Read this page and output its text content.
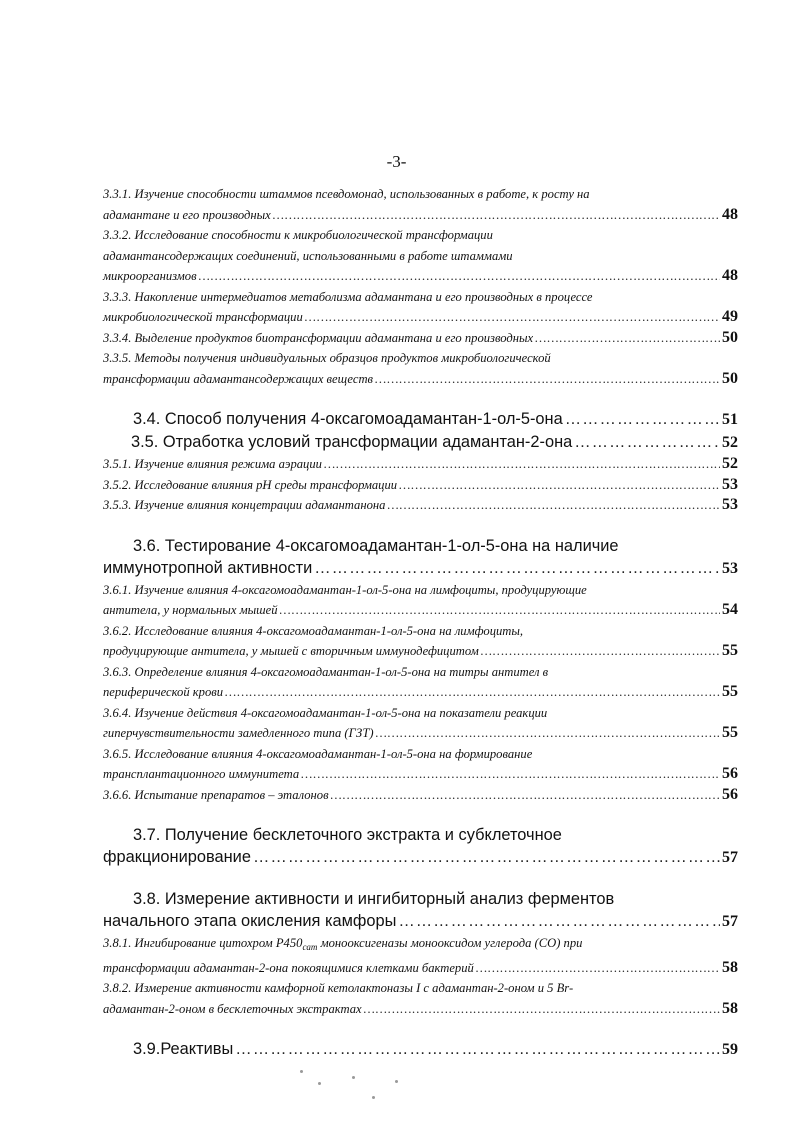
-3-
3.3.1. Изучение способности штаммов псевдомонад, использованных в работе, к росту на
адамантане и его производных ………………………………………………………………………………………………………………………………………………………………………………………………………………………………………………………………………………………………………	48
3.3.2. Исследование способности к микробиологической трансформации
адамантансодержащих соединений, использованными в работе штаммами
микроорганизмов ………………………………………………………………………………………………………………………………………………………………………………………………………………………………………………………………………………………………………	48
3.3.3. Накопление интермедиатов метаболизма адамантана и его производных в процессе
микробиологической трансформации ………………………………………………………………………………………………………………………………………………………………………………………………………………………………………………………………………………………………………	49
3.3.4. Выделение продуктов биотрансформации адамантана и его производных ………………………………………………………………………………………………………………………………………………………………………………………………………………………………………………………………………………………………………	50
3.3.5. Методы получения индивидуальных образцов продуктов микробиологической
трансформации адамантансодержащих веществ ………………………………………………………………………………………………………………………………………………………………………………………………………………………………………………………………………………………………………	50
3.4. Способ получения 4-оксагомоадамантан-1-ол-5-она ………………………………………………………………………………………………………………………………………………………………………………………………………………………………………………………………………………………………………	51
3.5. Отработка условий трансформации адамантан-2-она ………………………………………………………………………………………………………………………………………………………………………………………………………………………………………………………………………………………………………	52
3.5.1. Изучение влияния режима аэрации ………………………………………………………………………………………………………………………………………………………………………………………………………………………………………………………………………………………………………	52
3.5.2. Исследование влияния pH среды трансформации ………………………………………………………………………………………………………………………………………………………………………………………………………………………………………………………………………………………………………	53
3.5.3. Изучение влияния концетрации адамантанона ………………………………………………………………………………………………………………………………………………………………………………………………………………………………………………………………………………………………………	53
3.6. Тестирование 4-оксагомоадамантан-1-ол-5-она на наличие
иммунотропной активности ………………………………………………………………………………………………………………………………………………………………………………………………………………………………………………………………………………………………………	53
3.6.1. Изучение влияния 4-оксагомоадамантан-1-ол-5-она на лимфоциты, продуцирующие
антитела, у нормальных мышей ………………………………………………………………………………………………………………………………………………………………………………………………………………………………………………………………………………………………………	54
3.6.2. Исследование влияния 4-оксагомоадамантан-1-ол-5-она на лимфоциты,
продуцирующие антитела, у мышей с вторичным иммунодефицитом ………………………………………………………………………………………………………………………………………………………………………………………………………………………………………………………………………………………………………	55
3.6.3. Определение влияния 4-оксагомоадамантан-1-ол-5-она на титры антител в
периферической крови ………………………………………………………………………………………………………………………………………………………………………………………………………………………………………………………………………………………………………	55
3.6.4. Изучение действия 4-оксагомоадамантан-1-ол-5-она на показатели реакции
гиперчувствительности замедленного типа (ГЗТ) ………………………………………………………………………………………………………………………………………………………………………………………………………………………………………………………………………………………………………	55
3.6.5. Исследование влияния 4-оксагомоадамантан-1-ол-5-она на формирование
трансплантационного иммунитета ………………………………………………………………………………………………………………………………………………………………………………………………………………………………………………………………………………………………………	56
3.6.6. Испытание препаратов – эталонов ………………………………………………………………………………………………………………………………………………………………………………………………………………………………………………………………………………………………………	56
3.7. Получение бесклеточного экстракта и субклеточное
фракционирование ………………………………………………………………………………………………………………………………………………………………………………………………………………………………………………………………………………………………………	57
3.8. Измерение активности и ингибиторный анализ ферментов
начального этапа окисления камфоры ………………………………………………………………………………………………………………………………………………………………………………………………………………………………………………………………………………………………………	57
3.8.1. Ингибирование цитохром $P450_{cam}$ монооксигеназы монооксидом углерода (CO) при
трансформации адамантан-2-она покоящимися клетками бактерий ………………………………………………………………………………………………………………………………………………………………………………………………………………………………………………………………………………………………………	58
3.8.2. Измерение активности камфорной кетолактоназы I с адамантан-2-оном и 5 Br-
адамантан-2-оном в бесклеточных экстрактах ………………………………………………………………………………………………………………………………………………………………………………………………………………………………………………………………………………………………………	58
3.9.Реактивы ………………………………………………………………………………………………………………………………………………………………………………………………………………………………………………………………………………………………………	59
